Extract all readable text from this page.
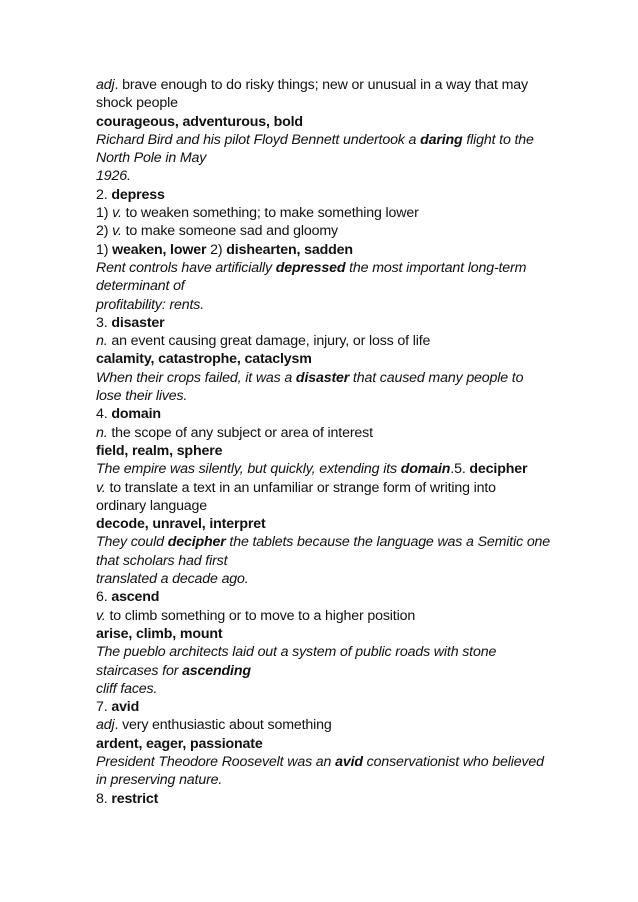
adj. brave enough to do risky things; new or unusual in a way that may
shock people
courageous, adventurous, bold
Richard Bird and his pilot Floyd Bennett undertook a daring flight to the
North Pole in May
1926.
2. depress
1) v. to weaken something; to make something lower
2) v. to make someone sad and gloomy
1) weaken, lower 2) dishearten, sadden
Rent controls have artificially depressed the most important long-term
determinant of
profitability: rents.
3. disaster
n. an event causing great damage, injury, or loss of life
calamity, catastrophe, cataclysm
When their crops failed, it was a disaster that caused many people to
lose their lives.
4. domain
n. the scope of any subject or area of interest
field, realm, sphere
The empire was silently, but quickly, extending its domain.5. decipher
v. to translate a text in an unfamiliar or strange form of writing into
ordinary language
decode, unravel, interpret
They could decipher the tablets because the language was a Semitic one
that scholars had first
translated a decade ago.
6. ascend
v. to climb something or to move to a higher position
arise, climb, mount
The pueblo architects laid out a system of public roads with stone
staircases for ascending
cliff faces.
7. avid
adj. very enthusiastic about something
ardent, eager, passionate
President Theodore Roosevelt was an avid conservationist who believed
in preserving nature.
8. restrict
